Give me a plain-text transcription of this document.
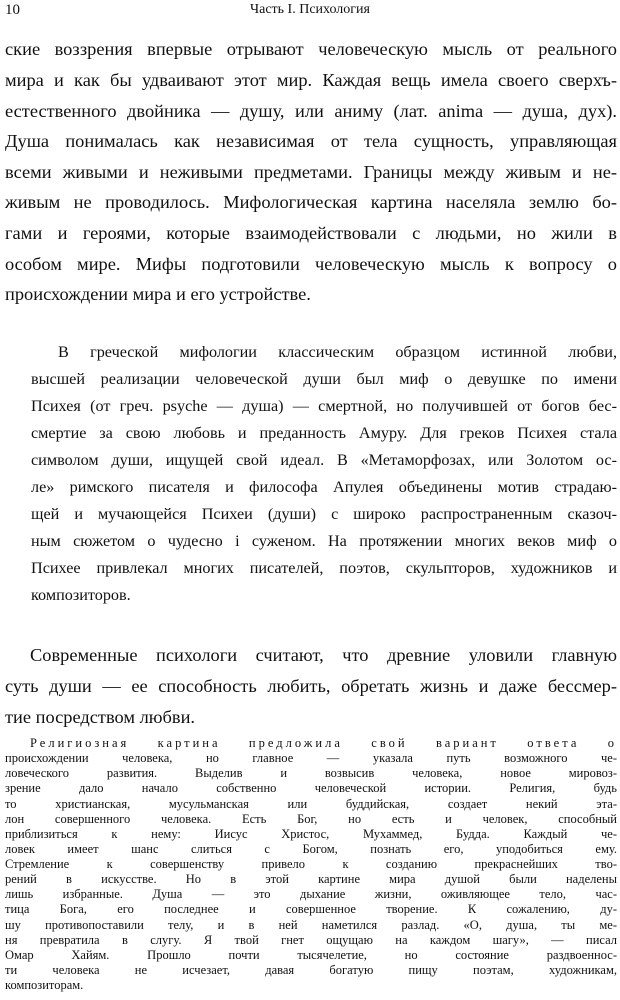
10	Часть I. Психология
ские воззрения впервые отрывают человеческую мысль от реального
мира и как бы удваивают этот мир. Каждая вещь имела своего сверхъ-
естественного двойника — душу, или аниму (лат. anima — душа, дух).
Душа понималась как независимая от тела сущность, управляющая
всеми живыми и неживыми предметами. Границы между живым и не-
живым не проводилось. Мифологическая картина населяла землю бо-
гами и героями, которые взаимодействовали с людьми, но жили в
особом мире. Мифы подготовили человеческую мысль к вопросу о
происхождении мира и его устройстве.
В греческой мифологии классическим образцом истинной любви,
высшей реализации человеческой души был миф о девушке по имени
Психея (от греч. psyche — душа) — смертной, но получившей от богов бес-
смертие за свою любовь и преданность Амуру. Для греков Психея стала
символом души, ищущей свой идеал. В «Метаморфозах, или Золотом ос-
ле» римского писателя и философа Апулея объединены мотив страдаю-
щей и мучающейся Психеи (души) с широко распространенным сказоч-
ным сюжетом о чудесно і суженом. На протяжении многих веков миф о
Психее привлекал многих писателей, поэтов, скульпторов, художников и
композиторов.
Современные психологи считают, что древние уловили главную
суть души — ее способность любить, обретать жизнь и даже бессмер-
тие посредством любви.
Религиозная картина предложила свой вариант ответа о
происхождении человека, но главное — указала путь возможного че-
ловеческого развития. Выделив и возвысив человека, новое мировоз-
зрение дало начало собственно человеческой истории. Религия, будь
то христианская, мусульманская или буддийская, создает некий эта-
лон совершенного человека. Есть Бог, но есть и человек, способный
приблизиться к нему: Иисус Христос, Мухаммед, Будда. Каждый че-
ловек имеет шанс слиться с Богом, познать его, уподобиться ему.
Стремление к совершенству привело к созданию прекраснейших тво-
рений в искусстве. Но в этой картине мира душой были наделены
лишь избранные. Душа — это дыхание жизни, оживляющее тело, час-
тица Бога, его последнее и совершенное творение. К сожалению, ду-
шу противопоставили телу, и в ней наметился разлад. «О, душа, ты ме-
ня превратила в слугу. Я твой гнет ощущаю на каждом шагу», — писал
Омар Хайям. Прошло почти тысячелетие, но состояние раздвоеннос-
ти человека не исчезает, давая богатую пищу поэтам, художникам,
композиторам.
